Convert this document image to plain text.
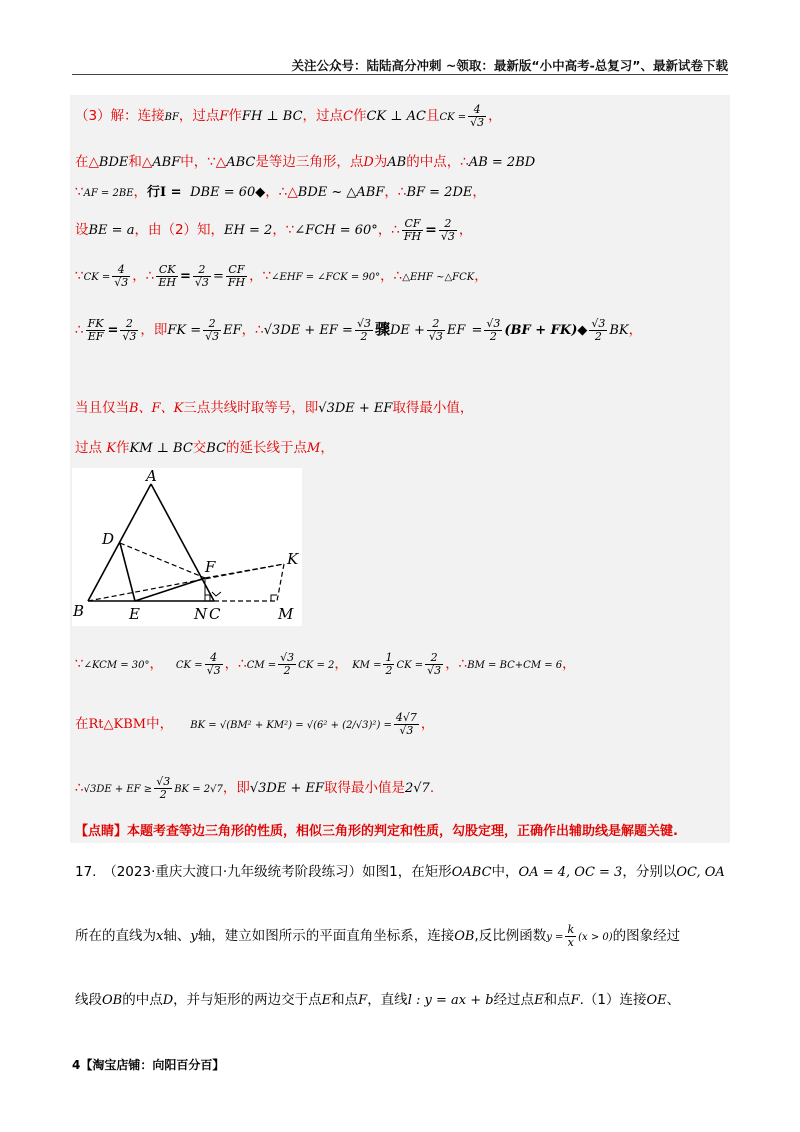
关注公众号：陆陆高分冲刺 ~领取：最新版“小中高考-总复习”、最新试卷下载
（3）解：连接BF，过点F作FH ⊥ BC，过点C作CK ⊥ AC且CK = $\frac{4}{√3}$ ，
在△BDE和△ABF中，∵△ABC是等边三角形，点D为AB的中点，∴AB = 2BD
∵AF = 2BE，行I = DBE = 60◆，∴△BDE ~ △ABF，∴BF = 2DE，
设BE = a，由（2）知，EH = 2，∵∠FCH = 60°，∴ $\frac{CF}{FH} = \frac{2}{√3}$ ，
∵CK = $\frac{4}{√3}$ ，∴ $\frac{CK}{EH} = \frac{2}{√3} = \frac{CF}{FH}$ ，∵∠EHF = ∠FCK = 90°，∴△EHF ~△FCK，
∴ $\frac{FK}{EF} = \frac{2}{√3}$ ，即FK = $\frac{2}{√3}$ EF，∴√3DE + EF = $\frac{√3}{2}$ 骤DE + $\frac{2}{√3}$ EF = $\frac{√3}{2} (BF$ + FK)◆ $\frac{√3}{2}$ BK，
当且仅当B、F、K三点共线时取等号，即√3DE + EF取得最小值，
过点 K作KM ⊥ BC交BC的延长线于点M，
A
D
F	K
B	E	N C	M
∵∠KCM = 30°， CK = $\frac{4}{√3}$ ，∴CM = $\frac{√3}{2}$ CK = 2， KM = $\frac{1}{2}$ CK = $\frac{2}{√3}$ ，∴BM = BC+CM = 6，
在Rt△KBM中， BK = $√(BM^2 + KM^2) = √(6^2 + (2/√3)^2) = \frac{4√7}{√3}$ ，
∴√3DE + EF ≥ $\frac{√3}{2}$ BK = 2√7，即√3DE + EF取得最小值是2√7.
【点睛】本题考查等边三角形的性质，相似三角形的判定和性质，勾股定理，正确作出辅助线是解题关键.
17.　（2023·重庆大渡口·九年级统考阶段练习）如图1，在矩形OABC中，OA = 4, OC = 3，分别以OC, OA
所在的直线为x轴、y轴，建立如图所示的平面直角坐标系，连接OB,反比例函数$y = \frac{k}{x} (x > 0)$的图象经过
线段OB的中点D，并与矩形的两边交于点E和点F，直线l : y = ax + b经过点E和点F.（1）连接OE、
4【淘宝店铺：向阳百分百】
